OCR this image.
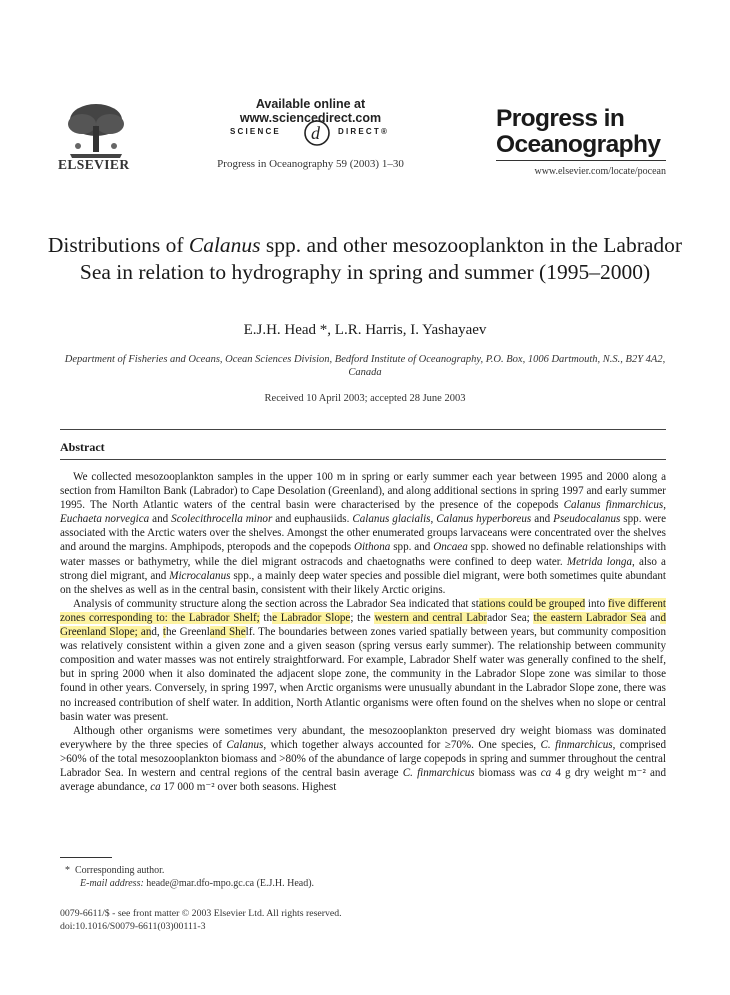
ELSEVIER
Available online at www.sciencedirect.com
SCIENCE d DIRECT®
Progress in Oceanography 59 (2003) 1–30
Progress in
Oceanography
www.elsevier.com/locate/pocean
Distributions of Calanus spp. and other mesozooplankton in the Labrador Sea in relation to hydrography in spring and summer (1995–2000)
E.J.H. Head *, L.R. Harris, I. Yashayaev
Department of Fisheries and Oceans, Ocean Sciences Division, Bedford Institute of Oceanography, P.O. Box, 1006 Dartmouth, N.S., B2Y 4A2, Canada
Received 10 April 2003; accepted 28 June 2003
Abstract

We collected mesozooplankton samples in the upper 100 m in spring or early summer each year between 1995 and 2000 along a section from Hamilton Bank (Labrador) to Cape Desolation (Greenland), and along additional sections in spring 1997 and early summer 1995. The North Atlantic waters of the central basin were characterised by the presence of the copepods Calanus finmarchicus, Euchaeta norvegica and Scolecithrocella minor and euphausiids. Calanus glacialis, Calanus hyperboreus and Pseudocalanus spp. were associated with the Arctic waters over the shelves. Amongst the other enumerated groups larvaceans were concentrated over the shelves and around the margins. Amphipods, pteropods and the copepods Oithona spp. and Oncaea spp. showed no definable relationships with water masses or bathymetry, while the diel migrant ostracods and chaetognaths were confined to deep water. Metrida longa, also a strong diel migrant, and Microcalanus spp., a mainly deep water species and possible diel migrant, were both sometimes quite abundant on the shelves as well as in the central basin, consistent with their likely Arctic origins.

Analysis of community structure along the section across the Labrador Sea indicated that stations could be grouped into five different zones corresponding to: the Labrador Shelf; the Labrador Slope; the western and central Labrador Sea; the eastern Labrador Sea and Greenland Slope; and, the Greenland Shelf. The boundaries between zones varied spatially between years, but community composition was relatively consistent within a given zone and a given season (spring versus early summer). The relationship between community composition and water masses was not entirely straightforward. For example, Labrador Shelf water was generally confined to the shelf, but in spring 2000 when it also dominated the adjacent slope zone, the community in the Labrador Slope zone was similar to those found in other years. Conversely, in spring 1997, when Arctic organisms were unusually abundant in the Labrador Slope zone, there was no increased contribution of shelf water. In addition, North Atlantic organisms were often found on the shelves when no slope or central basin water was present.

Although other organisms were sometimes very abundant, the mesozooplankton preserved dry weight biomass was dominated everywhere by the three species of Calanus, which together always accounted for ≥70%. One species, C. finmarchicus, comprised >60% of the total mesozooplankton biomass and >80% of the abundance of large copepods in spring and summer throughout the central Labrador Sea. In western and central regions of the central basin average C. finmarchicus biomass was ca 4 g dry weight m⁻² and average abundance, ca 17 000 m⁻² over both seasons. Highest

* Corresponding author.
E-mail address: heade@mar.dfo-mpo.gc.ca (E.J.H. Head).
0079-6611/$ - see front matter © 2003 Elsevier Ltd. All rights reserved.
doi:10.1016/S0079-6611(03)00111-3
